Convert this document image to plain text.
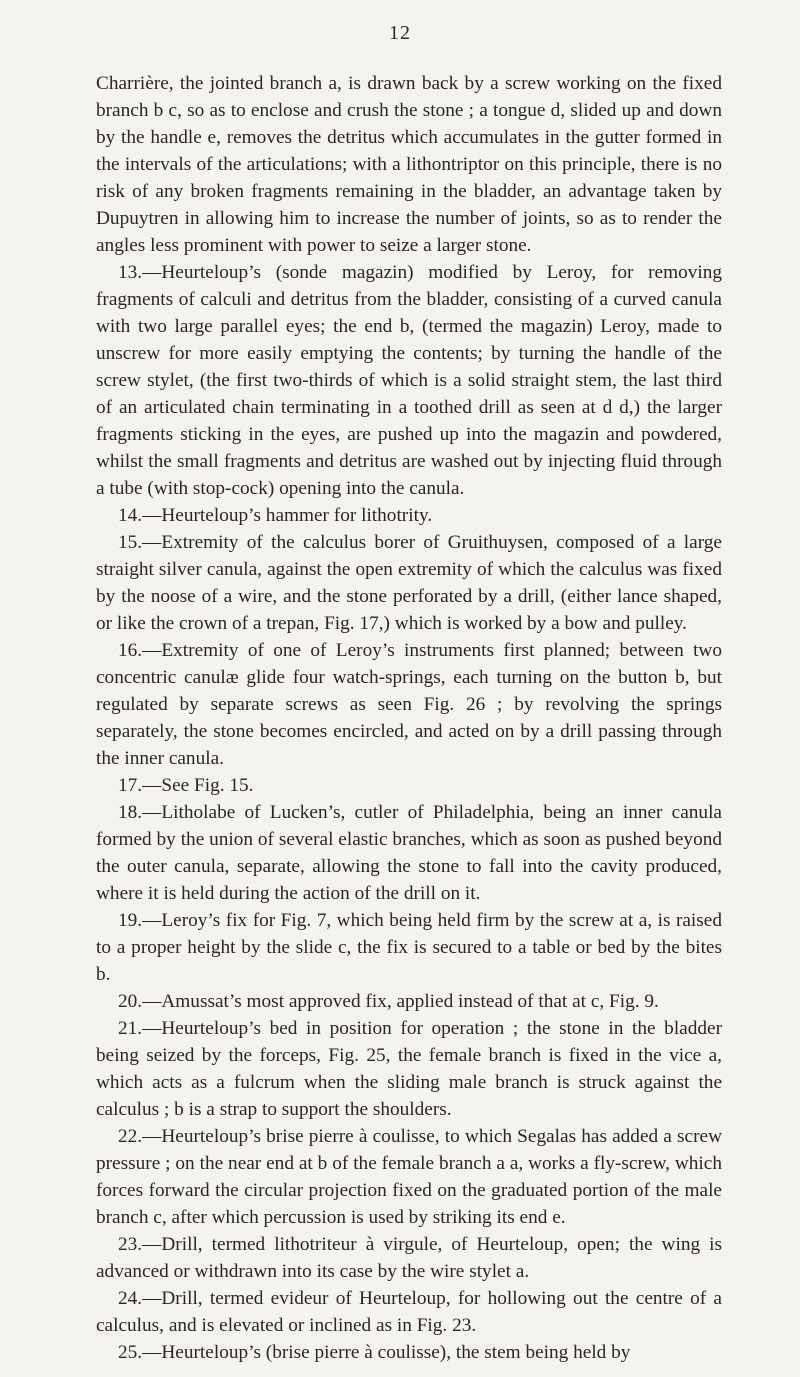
12

Charrière, the jointed branch a, is drawn back by a screw working on the fixed branch b c, so as to enclose and crush the stone ; a tongue d, slided up and down by the handle e, removes the detritus which accumulates in the gutter formed in the intervals of the articulations; with a lithontriptor on this principle, there is no risk of any broken fragments remaining in the bladder, an advantage taken by Dupuytren in allowing him to increase the number of joints, so as to render the angles less prominent with power to seize a larger stone.

13.—Heurteloup’s (sonde magazin) modified by Leroy, for removing fragments of calculi and detritus from the bladder, consisting of a curved canula with two large parallel eyes; the end b, (termed the magazin) Leroy, made to unscrew for more easily emptying the contents; by turning the handle of the screw stylet, (the first two-thirds of which is a solid straight stem, the last third of an articulated chain terminating in a toothed drill as seen at d d,) the larger fragments sticking in the eyes, are pushed up into the magazin and powdered, whilst the small fragments and detritus are washed out by injecting fluid through a tube (with stop-cock) opening into the canula.

14.—Heurteloup’s hammer for lithotrity.

15.—Extremity of the calculus borer of Gruithuysen, composed of a large straight silver canula, against the open extremity of which the calculus was fixed by the noose of a wire, and the stone perforated by a drill, (either lance shaped, or like the crown of a trepan, Fig. 17,) which is worked by a bow and pulley.

16.—Extremity of one of Leroy’s instruments first planned; between two concentric canulæ glide four watch-springs, each turning on the button b, but regulated by separate screws as seen Fig. 26 ; by revolving the springs separately, the stone becomes encircled, and acted on by a drill passing through the inner canula.

17.—See Fig. 15.

18.—Litholabe of Lucken’s, cutler of Philadelphia, being an inner canula formed by the union of several elastic branches, which as soon as pushed beyond the outer canula, separate, allowing the stone to fall into the cavity produced, where it is held during the action of the drill on it.

19.—Leroy’s fix for Fig. 7, which being held firm by the screw at a, is raised to a proper height by the slide c, the fix is secured to a table or bed by the bites b.

20.—Amussat’s most approved fix, applied instead of that at c, Fig. 9.

21.—Heurteloup’s bed in position for operation ; the stone in the bladder being seized by the forceps, Fig. 25, the female branch is fixed in the vice a, which acts as a fulcrum when the sliding male branch is struck against the calculus ; b is a strap to support the shoulders.

22.—Heurteloup’s brise pierre à coulisse, to which Segalas has added a screw pressure ; on the near end at b of the female branch a a, works a fly-screw, which forces forward the circular projection fixed on the graduated portion of the male branch c, after which percussion is used by striking its end e.

23.—Drill, termed lithotriteur à virgule, of Heurteloup, open; the wing is advanced or withdrawn into its case by the wire stylet a.

24.—Drill, termed evideur of Heurteloup, for hollowing out the centre of a calculus, and is elevated or inclined as in Fig. 23.

25.—Heurteloup’s (brise pierre à coulisse), the stem being held by
